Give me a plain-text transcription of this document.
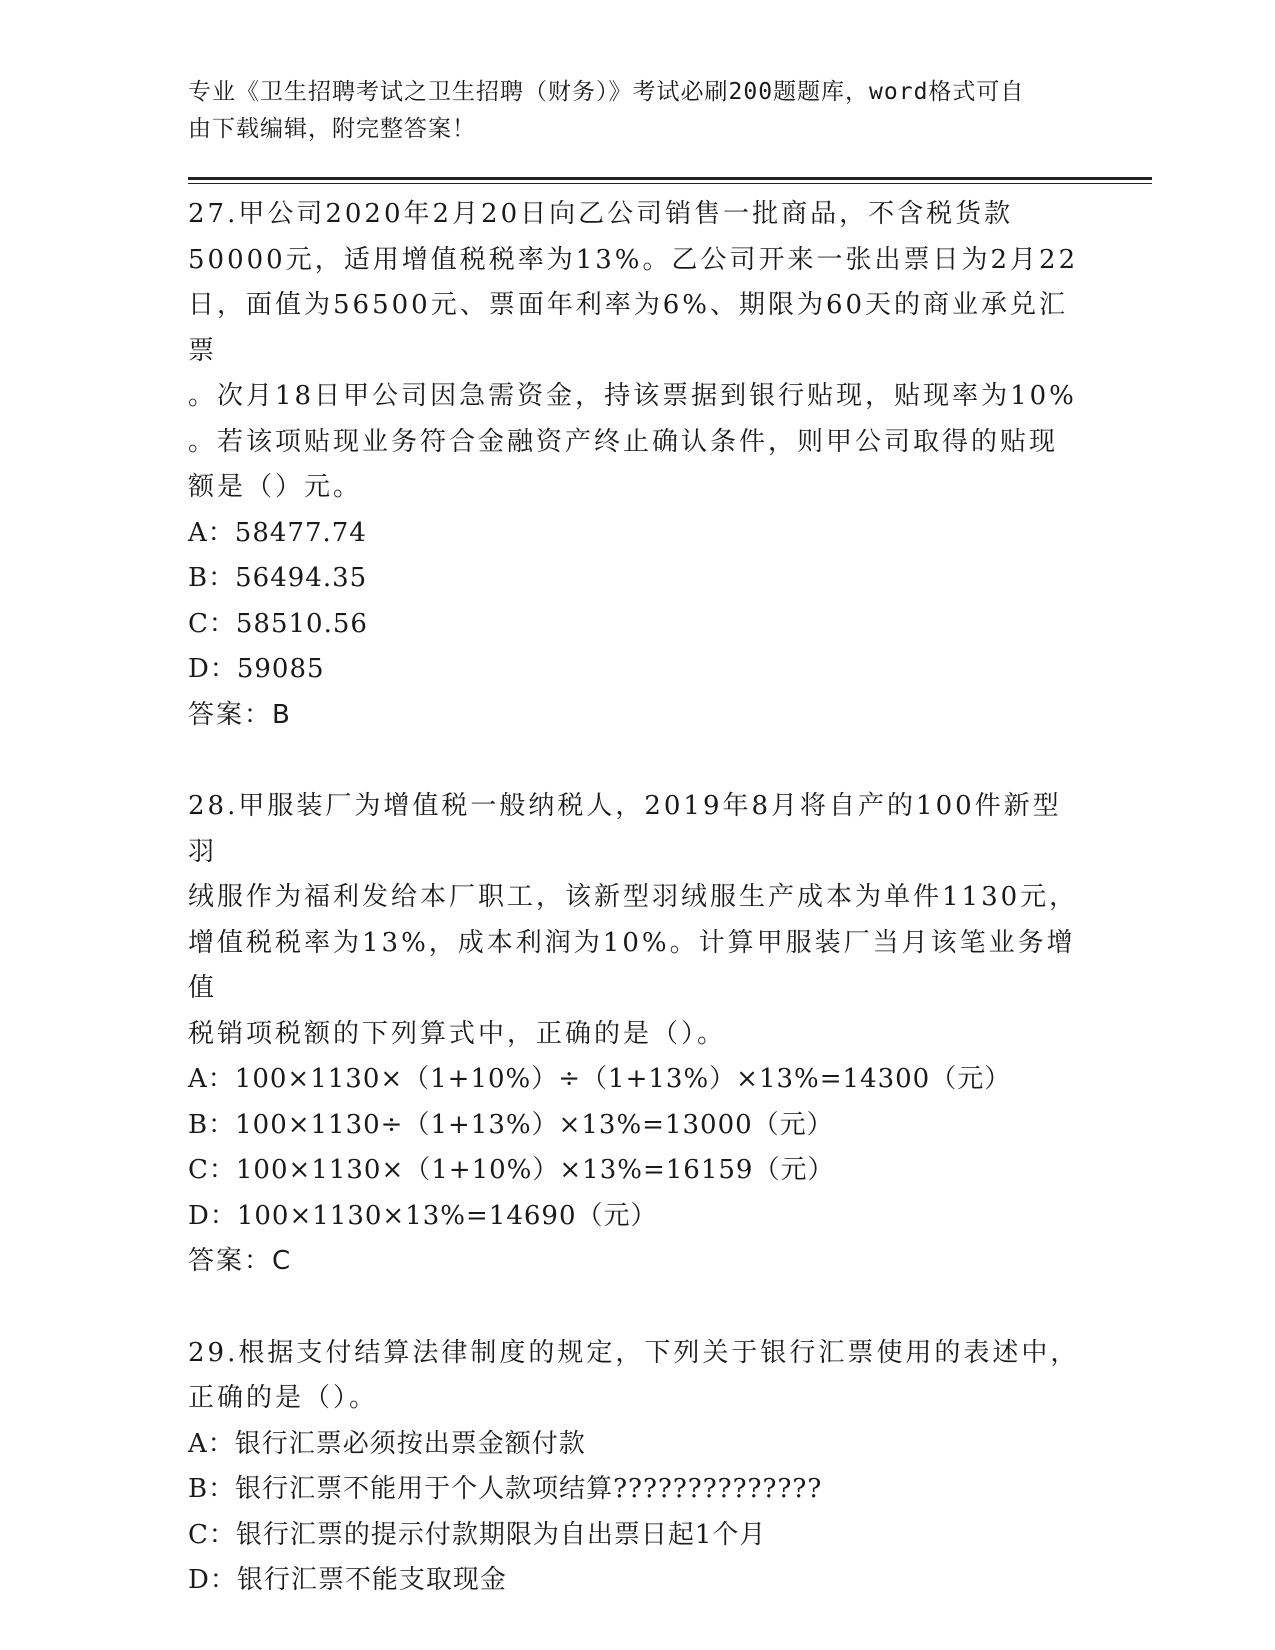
专业《卫生招聘考试之卫生招聘（财务）》考试必刷200题题库，word格式可自
由下载编辑，附完整答案！

27.甲公司2020年2月20日向乙公司销售一批商品，不含税货款

50000元，适用增值税税率为13%。乙公司开来一张出票日为2月22

日，面值为56500元、票面年利率为6%、期限为60天的商业承兑汇票

。次月18日甲公司因急需资金，持该票据到银行贴现，贴现率为10%

。若该项贴现业务符合金融资产终止确认条件，则甲公司取得的贴现

额是（）元。

A：58477.74

B：56494.35

C：58510.56

D：59085

答案：B

28.甲服装厂为增值税一般纳税人，2019年8月将自产的100件新型羽

绒服作为福利发给本厂职工，该新型羽绒服生产成本为单件1130元，

增值税税率为13%，成本利润为10%。计算甲服装厂当月该笔业务增值

税销项税额的下列算式中，正确的是（）。

A：100×1130×（1+10%）÷（1+13%）×13%=14300（元）

B：100×1130÷（1+13%）×13%=13000（元）

C：100×1130×（1+10%）×13%=16159（元）

D：100×1130×13%=14690（元）

答案：C

29.根据支付结算法律制度的规定，下列关于银行汇票使用的表述中，

正确的是（）。

A：银行汇票必须按出票金额付款

B：银行汇票不能用于个人款项结算??????????????

C：银行汇票的提示付款期限为自出票日起1个月

D：银行汇票不能支取现金
